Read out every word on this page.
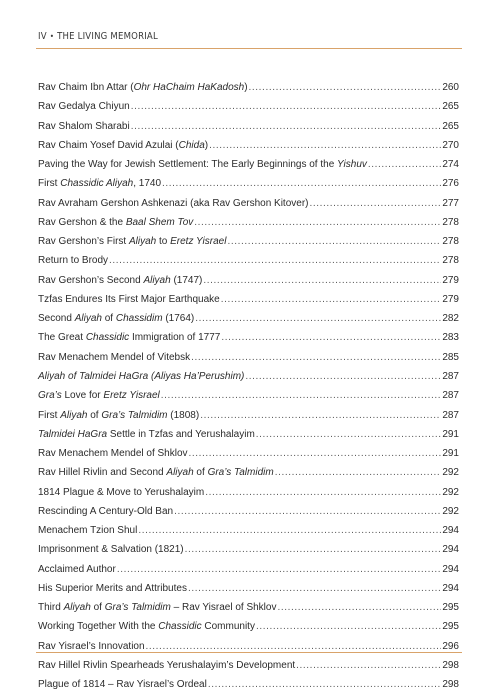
IV • THE LIVING MEMORIAL
Rav Chaim Ibn Attar (Ohr HaChaim HaKadosh) .....	260
Rav Gedalya Chiyun .....	265
Rav Shalom Sharabi .....	265
Rav Chaim Yosef David Azulai (Chida) .....	270
Paving the Way for Jewish Settlement: The Early Beginnings of the Yishuv .....	274
First Chassidic Aliyah, 1740 .....	276
Rav Avraham Gershon Ashkenazi (aka Rav Gershon Kitover) .....	277
Rav Gershon & the Baal Shem Tov .....	278
Rav Gershon’s First Aliyah to Eretz Yisrael .....	278
Return to Brody .....	278
Rav Gershon’s Second Aliyah (1747) .....	279
Tzfas Endures Its First Major Earthquake .....	279
Second Aliyah of Chassidim (1764) .....	282
The Great Chassidic Immigration of 1777 .....	283
Rav Menachem Mendel of Vitebsk .....	285
Aliyah of Talmidei HaGra (Aliyas Ha’Perushim) .....	287
Gra’s Love for Eretz Yisrael .....	287
First Aliyah of Gra’s Talmidim (1808) .....	287
Talmidei HaGra Settle in Tzfas and Yerushalayim .....	291
Rav Menachem Mendel of Shklov .....	291
Rav Hillel Rivlin and Second Aliyah of Gra’s Talmidim .....	292
1814 Plague & Move to Yerushalayim .....	292
Rescinding A Century-Old Ban .....	292
Menachem Tzion Shul .....	294
Imprisonment & Salvation (1821) .....	294
Acclaimed Author .....	294
His Superior Merits and Attributes .....	294
Third Aliyah of Gra’s Talmidim – Rav Yisrael of Shklov .....	295
Working Together With the Chassidic Community .....	295
Rav Yisrael’s Innovation .....	296
Rav Hillel Rivlin Spearheads Yerushalayim’s Development .....	298
Plague of 1814 – Rav Yisrael’s Ordeal .....	298
